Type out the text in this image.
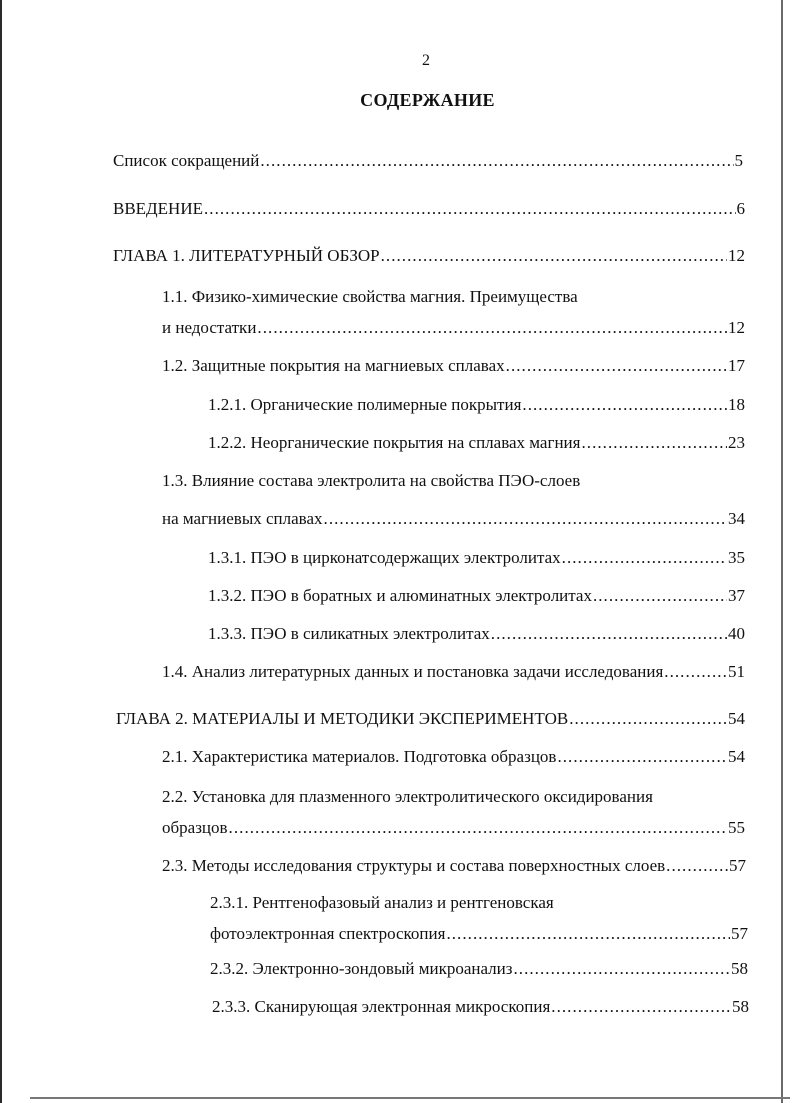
2
СОДЕРЖАНИЕ
Список сокращений . . .	5
ВВЕДЕНИЕ . . .	6
ГЛАВА 1. ЛИТЕРАТУРНЫЙ ОБЗОР . . .	12
1.1. Физико-химические свойства магния. Преимущества
и недостатки . . .	12
1.2. Защитные покрытия на магниевых сплавах . . .	17
1.2.1. Органические полимерные покрытия . . .	18
1.2.2. Неорганические покрытия на сплавах магния . . .	23
1.3. Влияние состава электролита на свойства ПЭО-слоев
на магниевых сплавах . . .	34
1.3.1. ПЭО в цирконатсодержащих электролитах . . .	35
1.3.2. ПЭО в боратных и алюминатных электролитах . . .	37
1.3.3. ПЭО в силикатных электролитах . . .	40
1.4. Анализ литературных данных и постановка задачи исследования . . .	51
ГЛАВА 2. МАТЕРИАЛЫ И МЕТОДИКИ ЭКСПЕРИМЕНТОВ . . .	54
2.1. Характеристика материалов. Подготовка образцов . . .	54
2.2. Установка для плазменного электролитического оксидирования
образцов . . .	55
2.3. Методы исследования структуры и состава поверхностных слоев . . .	57
2.3.1. Рентгенофазовый анализ и рентгеновская
фотоэлектронная спектроскопия . . .	57
2.3.2. Электронно-зондовый микроанализ . . .	58
2.3.3. Сканирующая электронная микроскопия . . .	58
